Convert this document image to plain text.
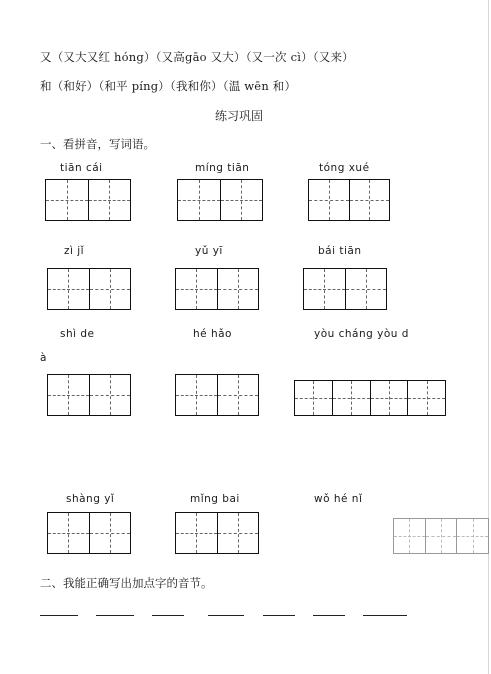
又（又大又红 hóng）（又高gāo 又大）（又一次 cì）（又来）
和（和好）（和平 píng）（我和你）（温 wēn 和）
练习巩固
一、看拼音，写词语。
tiān cái	míng tiān	tóng xué
zì jǐ	yǔ yī	bái tiān
shì de	hé hǎo	yòu cháng yòu d
à
shàng yǐ	mǐng bai	wǒ hé nǐ
二、我能正确写出加点字的音节。
